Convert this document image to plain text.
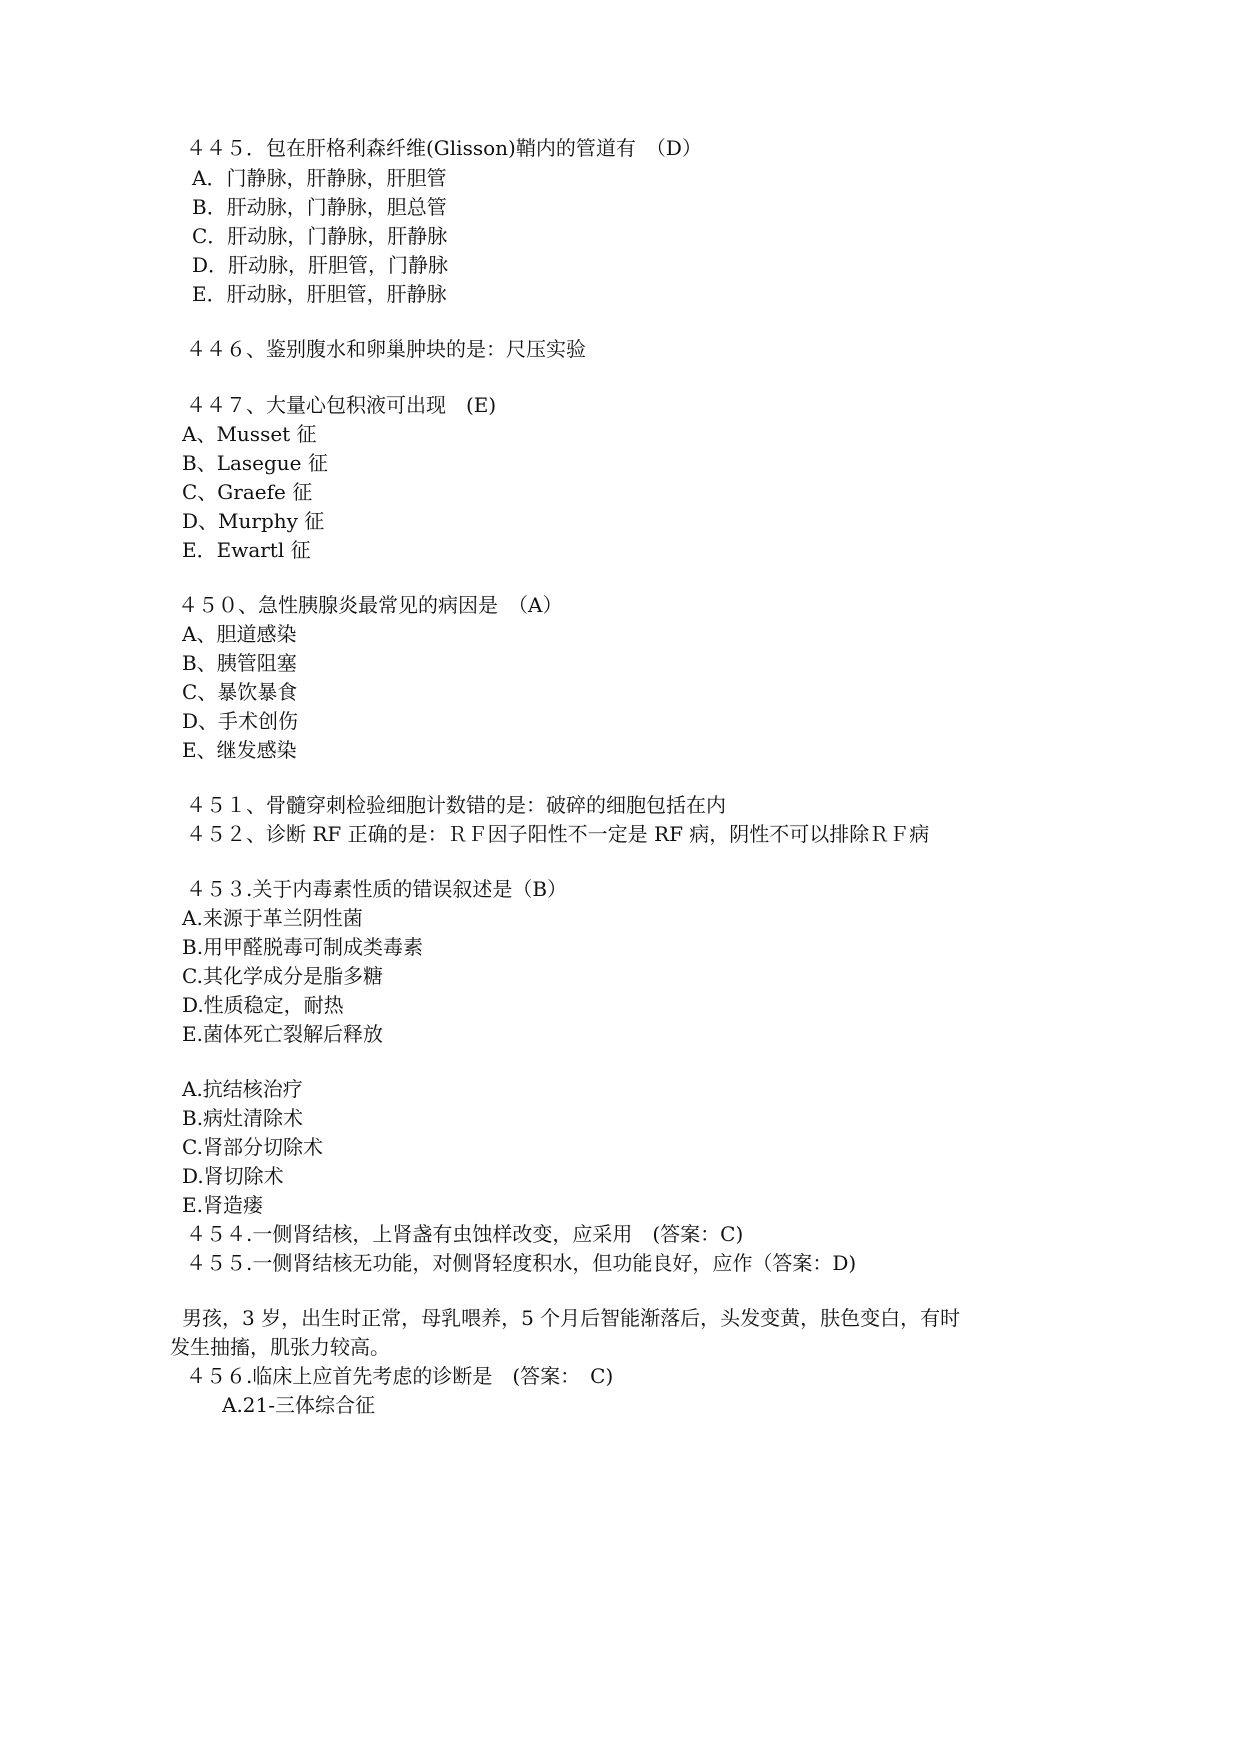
４４５．包在肝格利森纤维(Glisson)鞘内的管道有　（D）
A．门静脉，肝静脉，肝胆管
B．肝动脉，门静脉，胆总管
C．肝动脉，门静脉，肝静脉
D．肝动脉，肝胆管，门静脉
E．肝动脉，肝胆管，肝静脉
４４６、鉴别腹水和卵巢肿块的是：尺压实验
４４７、大量心包积液可出现　(E)
A、Musset 征
B、Lasegue 征
C、Graefe 征
D、Murphy 征
E．Ewartl 征
４５０、急性胰腺炎最常见的病因是　（A）
A、胆道感染
B、胰管阻塞
C、暴饮暴食
D、手术创伤
E、继发感染
４５１、骨髓穿刺检验细胞计数错的是：破碎的细胞包括在内
４５２、诊断 RF 正确的是：ＲＦ因子阳性不一定是 RF 病，阴性不可以排除ＲＦ病
４５３.关于内毒素性质的错误叙述是（B）
A.来源于革兰阴性菌
B.用甲醛脱毒可制成类毒素
C.其化学成分是脂多糖
D.性质稳定，耐热
E.菌体死亡裂解后释放
A.抗结核治疗
B.病灶清除术
C.肾部分切除术
D.肾切除术
E.肾造瘘
４５４.一侧肾结核，上肾盏有虫蚀样改变，应采用　(答案：C)
４５５.一侧肾结核无功能，对侧肾轻度积水，但功能良好，应作（答案：D)
男孩，3 岁，出生时正常，母乳喂养，5 个月后智能渐落后，头发变黄，肤色变白，有时
发生抽搐，肌张力较高。
４５６.临床上应首先考虑的诊断是　(答案：　C)
A.21-三体综合征
